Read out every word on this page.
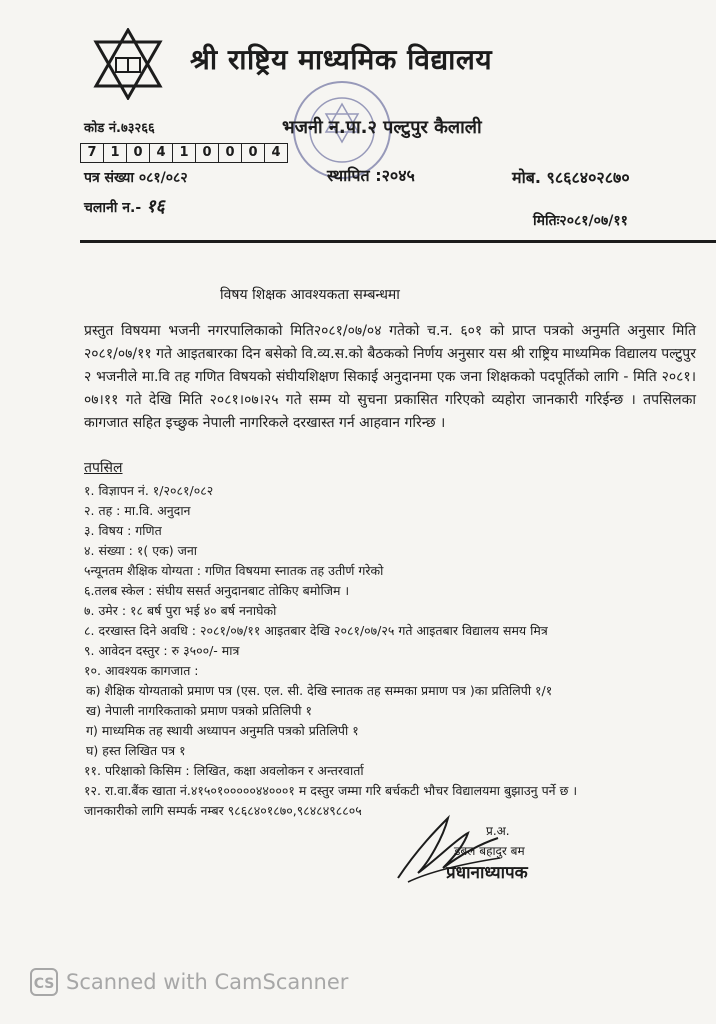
श्री राष्ट्रिय माध्यमिक विद्यालय
कोड नं.७३२६६
7	1	0	4	1	0	0	0	4
पत्र संख्या ०८१/०८२
चलानी न.- १६
भजनी न.पा.२ पल्टुपुर कैलाली
स्थापित :२०४५	मोब. ९८६८४०२८७०
मितिः२०८१/०७/११
विषय शिक्षक आवश्यकता सम्बन्धमा
प्रस्तुत विषयमा भजनी नगरपालिकाको मिति२०८१/०७/०४ गतेको च.न. ६०१ को प्राप्त पत्रको अनुमति अनुसार मिति २०८१/०७/११ गते आइतबारका दिन बसेको वि.व्य.स.को बैठकको निर्णय अनुसार यस श्री राष्ट्रिय माध्यमिक विद्यालय पल्टुपुर २ भजनीले मा.वि तह गणित विषयको संघीयशिक्षण सिकाई अनुदानमा एक जना शिक्षकको पदपूर्तिको लागि - मिति २०८१।०७।११ गते देखि मिति २०८१।०७।२५ गते सम्म यो सुचना प्रकासित गरिएको व्यहोरा जानकारी गरिईन्छ । तपसिलका कागजात सहित इच्छुक नेपाली नागरिकले दरखास्त गर्न आहवान गरिन्छ ।
तपसिल
१. विज्ञापन नं. १/२०८१/०८२
२. तह : मा.वि. अनुदान
३. विषय : गणित
४. संख्या : १( एक) जना
५न्यूनतम शैक्षिक योग्यता : गणित विषयमा स्नातक तह उतीर्ण गरेको
६.तलब स्केल : संघीय ससर्त अनुदानबाट तोकिए बमोजिम ।
७. उमेर : १८ बर्ष पुरा भई ४० बर्ष ननाघेको
८. दरखास्त दिने अवधि : २०८१/०७/११ आइतबार देखि २०८१/०७/२५ गते आइतबार विद्यालय समय मित्र
९. आवेदन दस्तुर : रु ३५००/- मात्र
१०. आवश्यक कागजात :
क) शैक्षिक योग्यताको प्रमाण पत्र (एस. एल. सी. देखि स्नातक तह सम्मका प्रमाण पत्र )का प्रतिलिपी १/१
ख) नेपाली नागरिकताको प्रमाण पत्रको प्रतिलिपी १
ग) माध्यमिक तह स्थायी अध्यापन अनुमति पत्रको प्रतिलिपी १
घ) हस्त लिखित पत्र १
११. परिक्षाको किसिम : लिखित, कक्षा अवलोकन र अन्तरवार्ता
१२. रा.वा.बैंक खाता नं.४१५०१०००००४४०००१ म दस्तुर जम्मा गरि बर्चकटी भौचर विद्यालयमा बुझाउनु पर्ने छ ।
जानकारीको लागि सम्पर्क नम्बर ९८६८४०१८७०,९८४८४९८८०५
प्र.अ.
डबल बहादुर बम
प्रधानाध्यापक
CS Scanned with CamScanner
